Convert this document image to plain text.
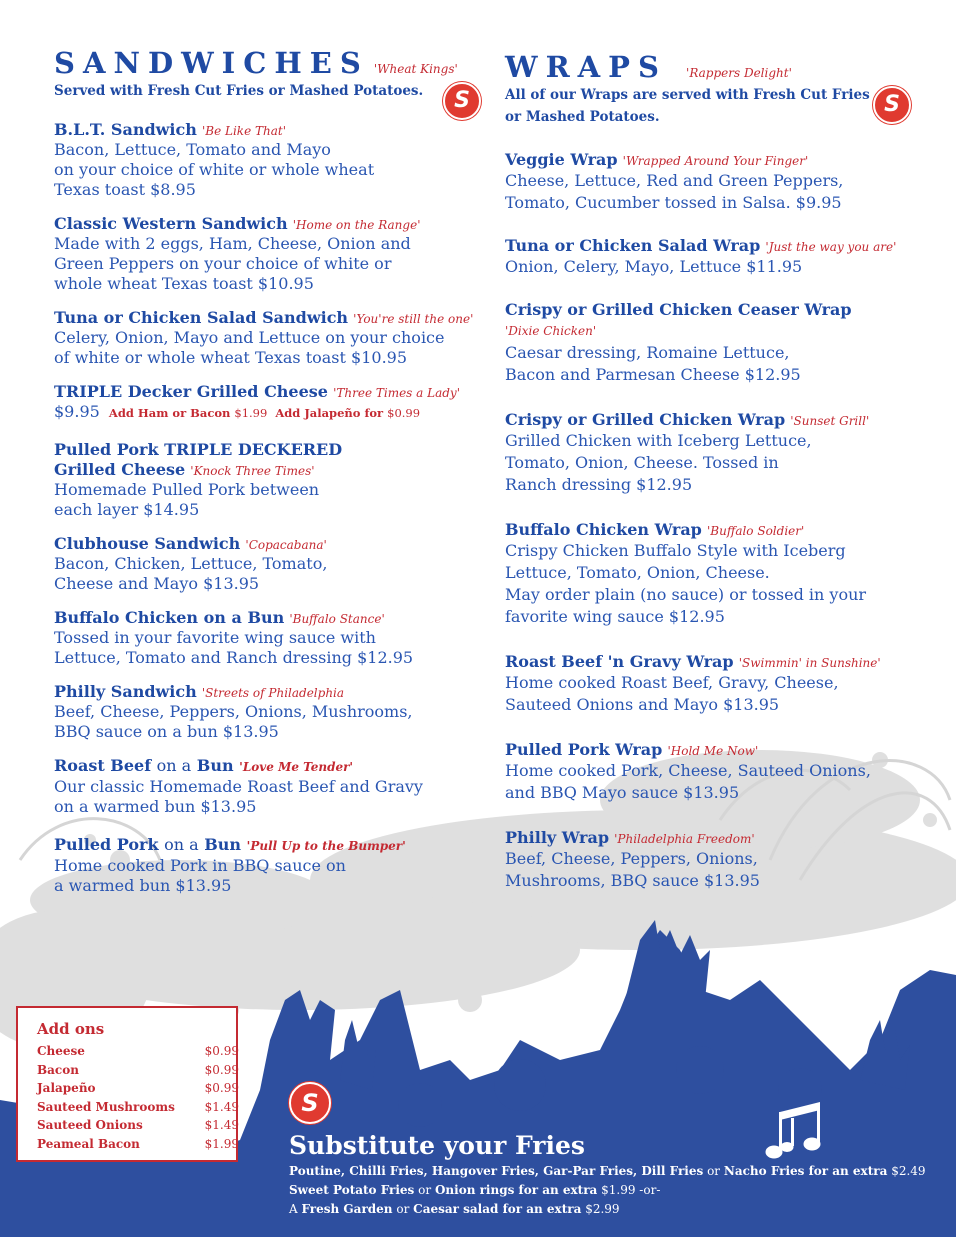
S	S
S
SANDWICHES 'Wheat Kings'
Served with Fresh Cut Fries or Mashed Potatoes.
B.L.T. Sandwich 'Be Like That'
Bacon, Lettuce, Tomato and Mayo
on your choice of white or whole wheat
Texas toast $8.95
Classic Western Sandwich 'Home on the Range'
Made with 2 eggs, Ham, Cheese, Onion and
Green Peppers on your choice of white or
whole wheat Texas toast $10.95
Tuna or Chicken Salad Sandwich 'You're still the one'
Celery, Onion, Mayo and Lettuce on your choice
of white or whole wheat Texas toast $10.95
TRIPLE Decker Grilled Cheese 'Three Times a Lady'
$9.95 Add Ham or Bacon $1.99 Add Jalapeño for $0.99
Pulled Pork TRIPLE DECKERED
Grilled Cheese 'Knock Three Times'
Homemade Pulled Pork between
each layer $14.95
Clubhouse Sandwich 'Copacabana'
Bacon, Chicken, Lettuce, Tomato,
Cheese and Mayo $13.95
Buffalo Chicken on a Bun 'Buffalo Stance'
Tossed in your favorite wing sauce with
Lettuce, Tomato and Ranch dressing $12.95
Philly Sandwich 'Streets of Philadelphia
Beef, Cheese, Peppers, Onions, Mushrooms,
BBQ sauce on a bun $13.95
Roast Beef on a Bun 'Love Me Tender'
Our classic Homemade Roast Beef and Gravy
on a warmed bun $13.95
Pulled Pork on a Bun 'Pull Up to the Bumper'
Home cooked Pork in BBQ sauce on
a warmed bun $13.95
WRAPS 'Rappers Delight'
All of our Wraps are served with Fresh Cut Fries
or Mashed Potatoes.
Veggie Wrap 'Wrapped Around Your Finger'
Cheese, Lettuce, Red and Green Peppers,
Tomato, Cucumber tossed in Salsa. $9.95
Tuna or Chicken Salad Wrap 'Just the way you are'
Onion, Celery, Mayo, Lettuce $11.95
Crispy or Grilled Chicken Ceaser Wrap
'Dixie Chicken'
Caesar dressing, Romaine Lettuce,
Bacon and Parmesan Cheese $12.95
Crispy or Grilled Chicken Wrap 'Sunset Grill'
Grilled Chicken with Iceberg Lettuce,
Tomato, Onion, Cheese. Tossed in
Ranch dressing $12.95
Buffalo Chicken Wrap 'Buffalo Soldier'
Crispy Chicken Buffalo Style with Iceberg
Lettuce, Tomato, Onion, Cheese.
May order plain (no sauce) or tossed in your
favorite wing sauce $12.95
Roast Beef 'n Gravy Wrap 'Swimmin' in Sunshine'
Home cooked Roast Beef, Gravy, Cheese,
Sauteed Onions and Mayo $13.95
Pulled Pork Wrap 'Hold Me Now'
Home cooked Pork, Cheese, Sauteed Onions,
and BBQ Mayo sauce $13.95
Philly Wrap 'Philadelphia Freedom'
Beef, Cheese, Peppers, Onions,
Mushrooms, BBQ sauce $13.95
Add ons
Cheese	$0.99
Bacon	$0.99
Jalapeño	$0.99
Sauteed Mushrooms $1.49
Sauteed Onions	$1.49
Peameal Bacon	$1.99 Substitute your Fries
Poutine, Chilli Fries, Hangover Fries, Gar-Par Fries, Dill Fries or Nacho Fries for an extra $2.49
Sweet Potato Fries or Onion rings for an extra $1.99 -or-
A Fresh Garden or Caesar salad for an extra $2.99
